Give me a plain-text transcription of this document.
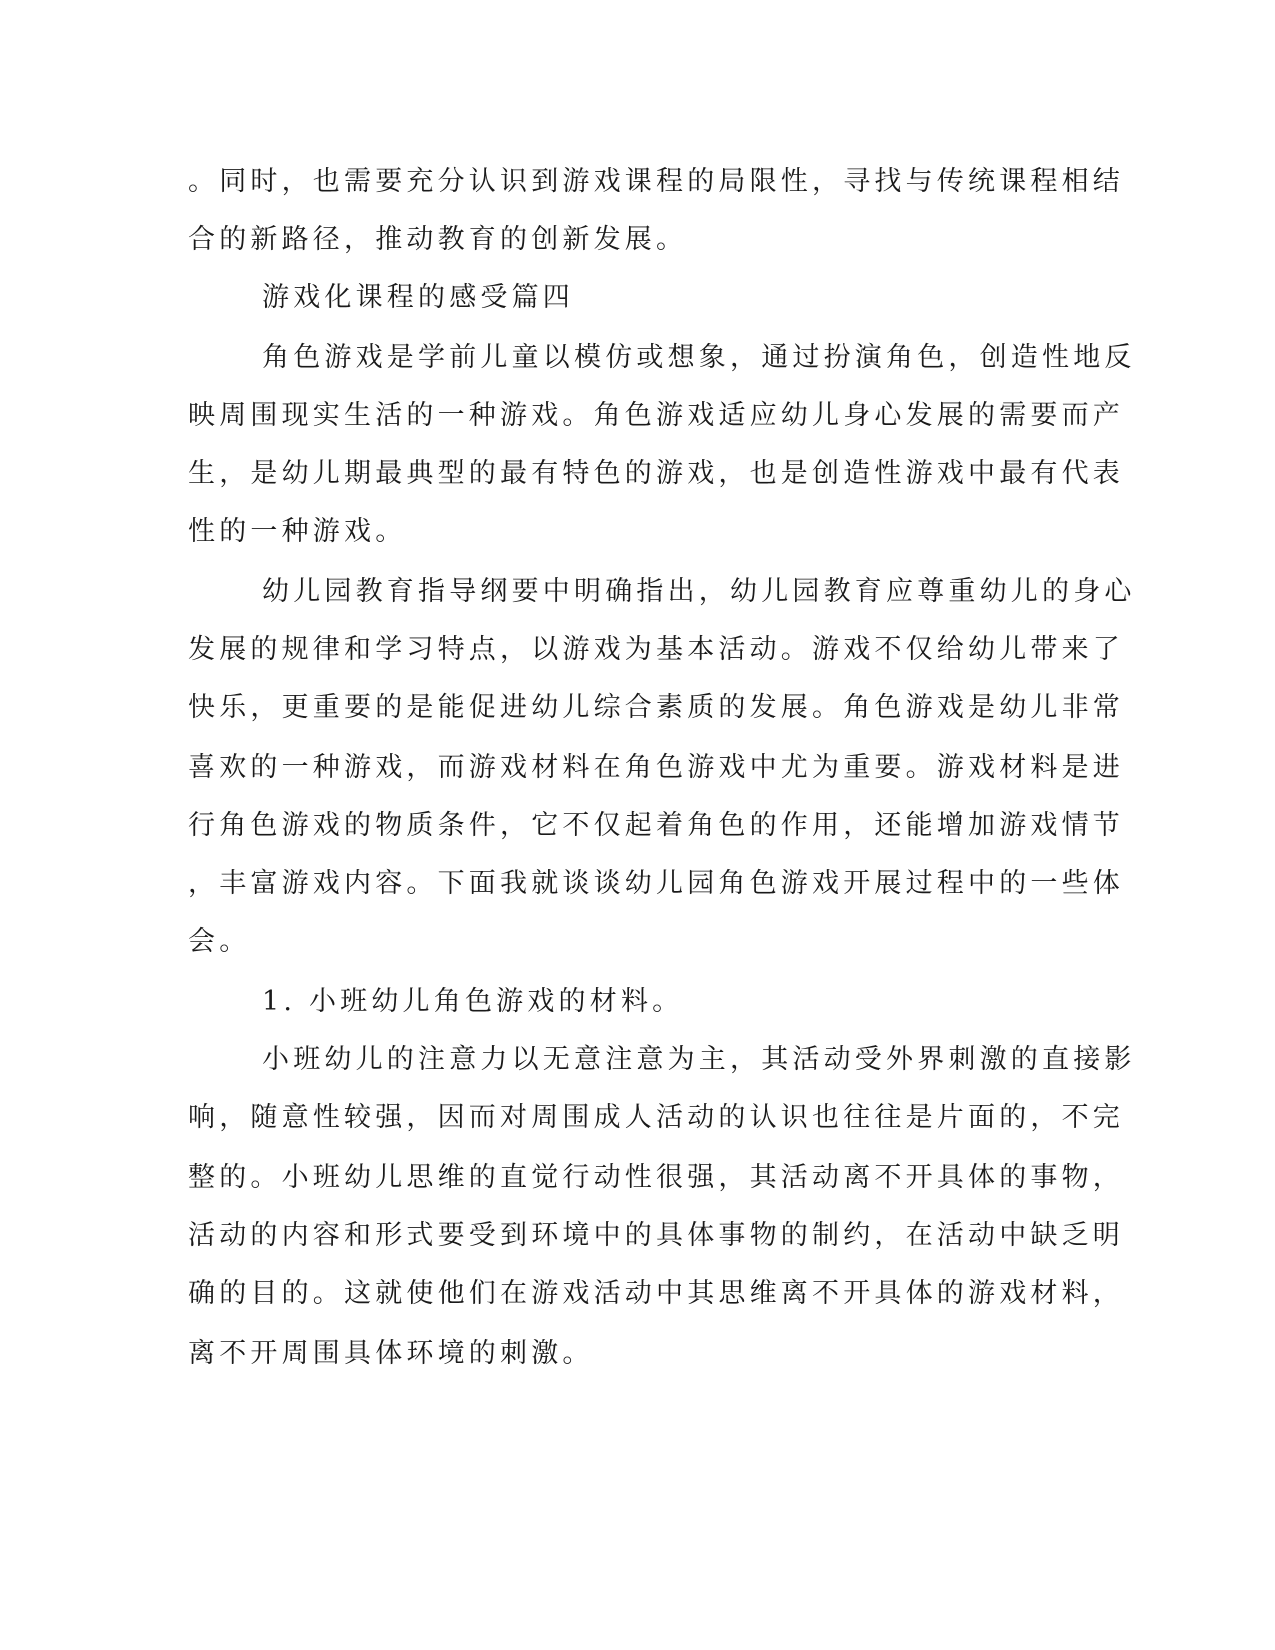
。同时，也需要充分认识到游戏课程的局限性，寻找与传统课程相结
合的新路径，推动教育的创新发展。
游戏化课程的感受篇四
角色游戏是学前儿童以模仿或想象，通过扮演角色，创造性地反
映周围现实生活的一种游戏。角色游戏适应幼儿身心发展的需要而产
生，是幼儿期最典型的最有特色的游戏，也是创造性游戏中最有代表
性的一种游戏。
幼儿园教育指导纲要中明确指出，幼儿园教育应尊重幼儿的身心
发展的规律和学习特点，以游戏为基本活动。游戏不仅给幼儿带来了
快乐，更重要的是能促进幼儿综合素质的发展。角色游戏是幼儿非常
喜欢的一种游戏，而游戏材料在角色游戏中尤为重要。游戏材料是进
行角色游戏的物质条件，它不仅起着角色的作用，还能增加游戏情节
，丰富游戏内容。下面我就谈谈幼儿园角色游戏开展过程中的一些体
会。
1. 小班幼儿角色游戏的材料。
小班幼儿的注意力以无意注意为主，其活动受外界刺激的直接影
响，随意性较强，因而对周围成人活动的认识也往往是片面的，不完
整的。小班幼儿思维的直觉行动性很强，其活动离不开具体的事物，
活动的内容和形式要受到环境中的具体事物的制约，在活动中缺乏明
确的目的。这就使他们在游戏活动中其思维离不开具体的游戏材料，
离不开周围具体环境的刺激。
